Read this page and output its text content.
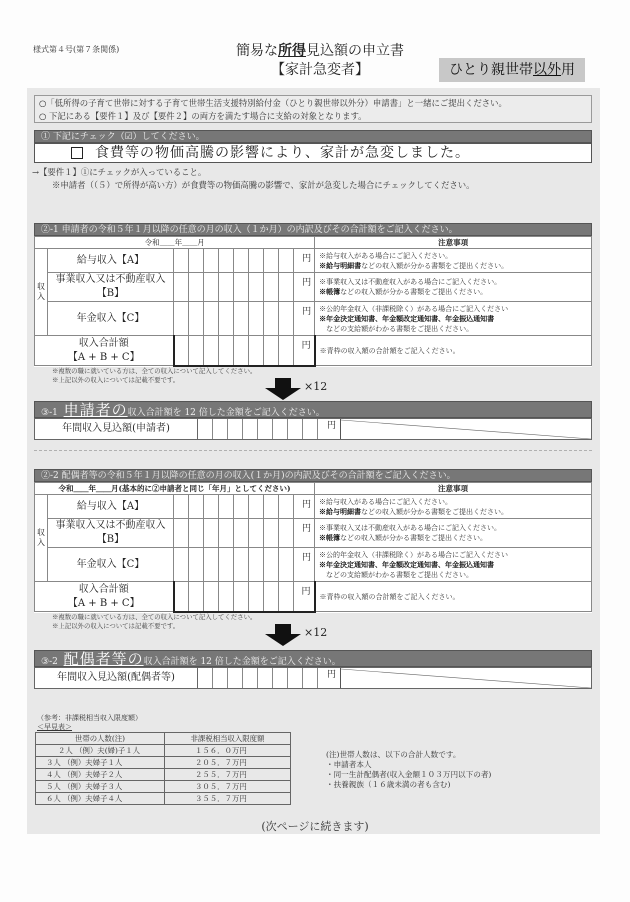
様式第４号(第７条関係)	簡易な所得見込額の申立書
【家計急変者】	ひとり親世帯以外用
○「低所得の子育て世帯に対する子育て世帯生活支援特別給付金（ひとり親世帯以外分）申請書」と一緒にご提出ください。
○ 下記にある【要件１】及び【要件２】の両方を満たす場合に支給の対象となります。
① 下記にチェック（☑）してください。
食費等の物価高騰の影響により、家計が急変しました。
→【要件１】①にチェックが入っていること。
※申請者（（５）で所得が高い方）が食費等の物価高騰の影響で、家計が急変した場合にチェックしてください。
②-1 申請者の令和５年１月以降の任意の月の収入（１か月）の内訳及びその合計額をご記入ください。
令和＿＿年＿＿月											注意事項
収入	給与収入【A】									円	※給与収入がある場合にご記入ください。
※給与明細書などの収入額が分かる書類をご提出ください。

事業収入又は不動産収入
【B】
									円	※事業収入又は不動産収入がある場合にご記入ください。
※帳簿などの収入額が分かる書類をご提出ください。

	年金収入【C】									円	※公的年金収入（非課税除く）がある場合にご記入ください
※年金決定通知書、年金額改定通知書、年金振込通知書
　などの支給額がわかる書類をご提出ください。

収入合計額
【A + B + C】										円	※青枠の収入額の合計額をご記入ください。
※複数の職に就いている方は、全ての収入について記入してください。
※上記以外の収入については記載不要です。	×12
③-1 申請者の収入合計額を 12 倍した金額をご記入ください。
年間収入見込額(申請者)	円
②-2 配偶者等の令和５年１月以降の任意の月の収入(１か月)の内訳及びその合計額をご記入ください。
令和＿＿年＿＿月(基本的に②申請者と同じ「年月」としてください)											注意事項
収入	給与収入【A】									円	※給与収入がある場合にご記入ください。
※給与明細書などの収入額が分かる書類をご提出ください。

事業収入又は不動産収入
【B】
									円	※事業収入又は不動産収入がある場合にご記入ください。
※帳簿などの収入額が分かる書類をご提出ください。

	年金収入【C】									円	※公的年金収入（非課税除く）がある場合にご記入ください
※年金決定通知書、年金額改定通知書、年金振込通知書
　などの支給額がわかる書類をご提出ください。

収入合計額
【A + B + C】										円	※青枠の収入額の合計額をご記入ください。
※複数の職に就いている方は、全ての収入について記入してください。
※上記以外の収入については記載不要です。	×12
③-2 配偶者等の収入合計額を 12 倍した金額をご記入ください。
年間収入見込額(配偶者等)	円
（参考：非課税相当収入限度額）
＜早見表＞
世帯の人数(注)	非課税相当収入限度額
２人 （例）夫(婦)子１人	１５６．０万円
３人 （例）夫婦子１人	２０５．７万円
４人 （例）夫婦子２人	２５５．７万円
５人 （例）夫婦子３人	３０５．７万円
６人 （例）夫婦子４人	３５５．７万円
(注)世帯人数は、以下の合計人数です。
・申請者本人
・同一生計配偶者(収入金額１０３万円以下の者)
・扶養親族（１６歳未満の者も含む)
(次ページに続きます)
